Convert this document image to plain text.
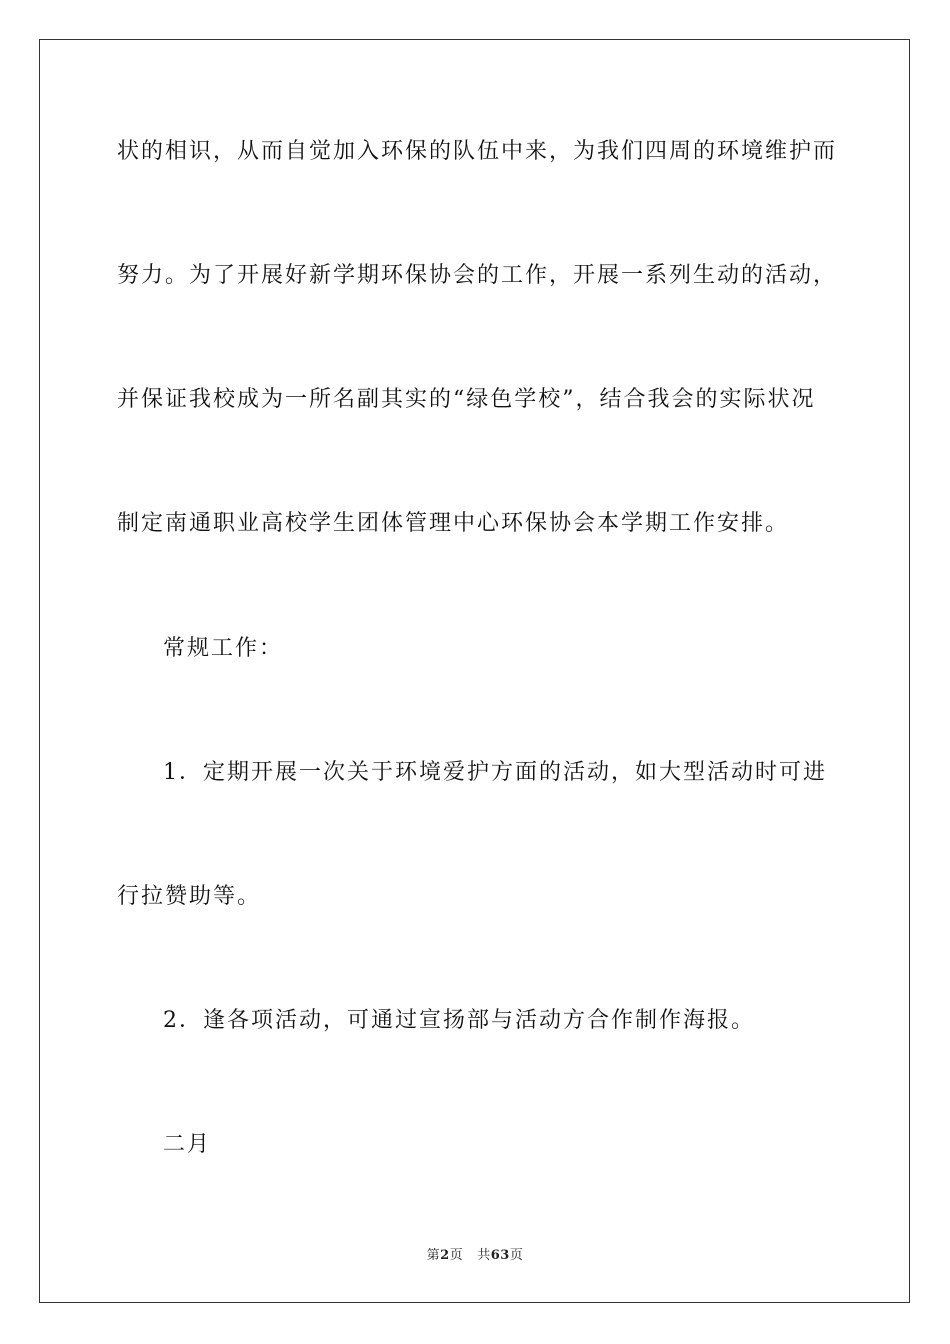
状的相识，从而自觉加入环保的队伍中来，为我们四周的环境维护而
努力。为了开展好新学期环保协会的工作，开展一系列生动的活动，
并保证我校成为一所名副其实的“绿色学校”，结合我会的实际状况
制定南通职业高校学生团体管理中心环保协会本学期工作安排。
常规工作：
1．定期开展一次关于环境爱护方面的活动，如大型活动时可进
行拉赞助等。
2．逢各项活动，可通过宣扬部与活动方合作制作海报。
二月
第2页 共63页
